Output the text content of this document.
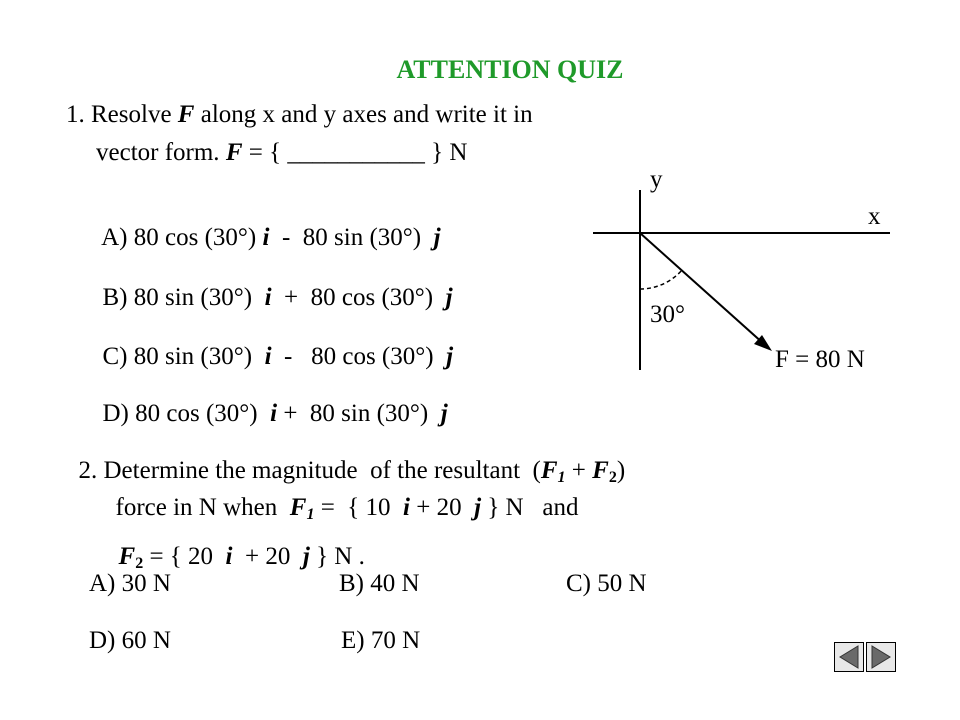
ATTENTION QUIZ
1. Resolve F along x and y axes and write it in
vector form. F = { ___________ } N

A) 80 cos (30°) i  -  80 sin (30°)  j

B) 80 sin (30°)  i  +  80 cos (30°)  j

C) 80 sin (30°)  i  -   80 cos (30°)  j

D) 80 cos (30°)  i +  80 sin (30°)  j

y
x
30°
F = 80 N

2. Determine the magnitude  of the resultant  $(F_1 + F_2)$

force in N when  $F_1$ =  { 10  i + 20  j } N   and

$F_2$ = { 20  i  + 20  j } N .

A) 30 N	B) 40 N	C) 50 N
D) 60 N	E) 70 N
